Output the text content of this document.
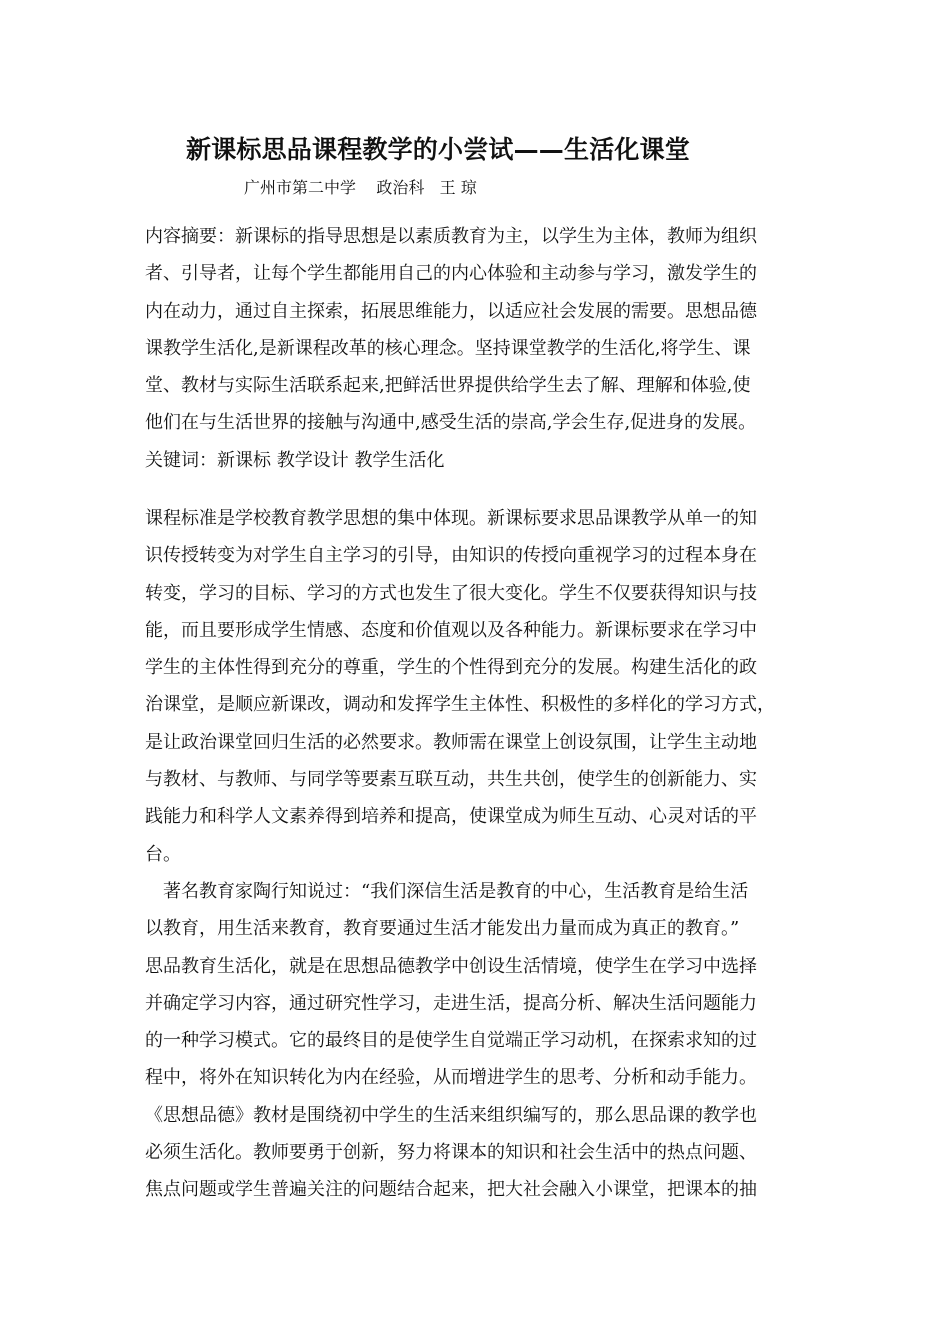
新课标思品课程教学的小尝试——生活化课堂
广州市第二中学    政治科   王 琼
内容摘要：新课标的指导思想是以素质教育为主，以学生为主体，教师为组织
者、引导者，让每个学生都能用自己的内心体验和主动参与学习，激发学生的
内在动力，通过自主探索，拓展思维能力，以适应社会发展的需要。思想品德
课教学生活化,是新课程改革的核心理念。坚持课堂教学的生活化,将学生、课
堂、教材与实际生活联系起来,把鲜活世界提供给学生去了解、理解和体验,使
他们在与生活世界的接触与沟通中,感受生活的崇高,学会生存,促进身的发展。
关键词：新课标 教学设计 教学生活化
课程标准是学校教育教学思想的集中体现。新课标要求思品课教学从单一的知
识传授转变为对学生自主学习的引导，由知识的传授向重视学习的过程本身在
转变，学习的目标、学习的方式也发生了很大变化。学生不仅要获得知识与技
能，而且要形成学生情感、态度和价值观以及各种能力。新课标要求在学习中
学生的主体性得到充分的尊重，学生的个性得到充分的发展。构建生活化的政
治课堂，是顺应新课改，调动和发挥学生主体性、积极性的多样化的学习方式，
是让政治课堂回归生活的必然要求。教师需在课堂上创设氛围，让学生主动地
与教材、与教师、与同学等要素互联互动，共生共创，使学生的创新能力、实
践能力和科学人文素养得到培养和提高，使课堂成为师生互动、心灵对话的平
台。
著名教育家陶行知说过：“我们深信生活是教育的中心，生活教育是给生活
以教育，用生活来教育，教育要通过生活才能发出力量而成为真正的教育。”
思品教育生活化，就是在思想品德教学中创设生活情境，使学生在学习中选择
并确定学习内容，通过研究性学习，走进生活，提高分析、解决生活问题能力
的一种学习模式。它的最终目的是使学生自觉端正学习动机，在探索求知的过
程中，将外在知识转化为内在经验，从而增进学生的思考、分析和动手能力。
《思想品德》教材是围绕初中学生的生活来组织编写的，那么思品课的教学也
必须生活化。教师要勇于创新，努力将课本的知识和社会生活中的热点问题、
焦点问题或学生普遍关注的问题结合起来，把大社会融入小课堂，把课本的抽
